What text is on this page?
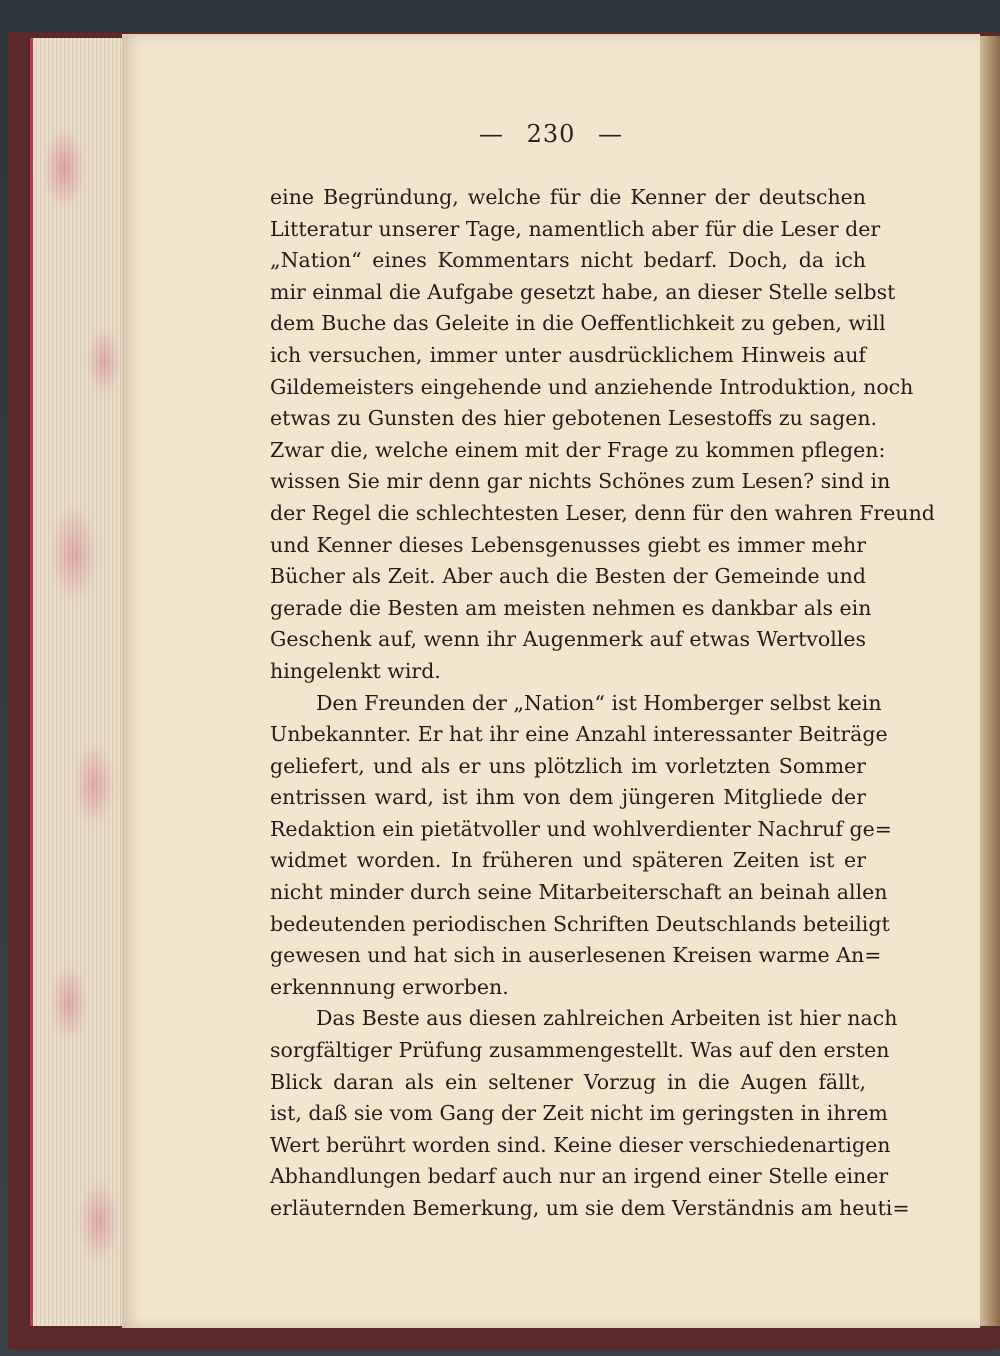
— 230 —
eine Begründung, welche für die Kenner der deutschen
Litteratur unserer Tage, namentlich aber für die Leser der
„Nation“ eines Kommentars nicht bedarf. Doch, da ich
mir einmal die Aufgabe gesetzt habe, an dieser Stelle selbst
dem Buche das Geleite in die Oeffentlichkeit zu geben, will
ich versuchen, immer unter ausdrücklichem Hinweis auf
Gildemeisters eingehende und anziehende Introduktion, noch
etwas zu Gunsten des hier gebotenen Lesestoffs zu sagen.
Zwar die, welche einem mit der Frage zu kommen pflegen:
wissen Sie mir denn gar nichts Schönes zum Lesen? sind in
der Regel die schlechtesten Leser, denn für den wahren Freund
und Kenner dieses Lebensgenusses giebt es immer mehr
Bücher als Zeit. Aber auch die Besten der Gemeinde und
gerade die Besten am meisten nehmen es dankbar als ein
Geschenk auf, wenn ihr Augenmerk auf etwas Wertvolles
hingelenkt wird.
Den Freunden der „Nation“ ist Homberger selbst kein
Unbekannter. Er hat ihr eine Anzahl interessanter Beiträge
geliefert, und als er uns plötzlich im vorletzten Sommer
entrissen ward, ist ihm von dem jüngeren Mitgliede der
Redaktion ein pietätvoller und wohlverdienter Nachruf ge=
widmet worden. In früheren und späteren Zeiten ist er
nicht minder durch seine Mitarbeiterschaft an beinah allen
bedeutenden periodischen Schriften Deutschlands beteiligt
gewesen und hat sich in auserlesenen Kreisen warme An=
erkennnung erworben.
Das Beste aus diesen zahlreichen Arbeiten ist hier nach
sorgfältiger Prüfung zusammengestellt. Was auf den ersten
Blick daran als ein seltener Vorzug in die Augen fällt,
ist, daß sie vom Gang der Zeit nicht im geringsten in ihrem
Wert berührt worden sind. Keine dieser verschiedenartigen
Abhandlungen bedarf auch nur an irgend einer Stelle einer
erläuternden Bemerkung, um sie dem Verständnis am heuti=
